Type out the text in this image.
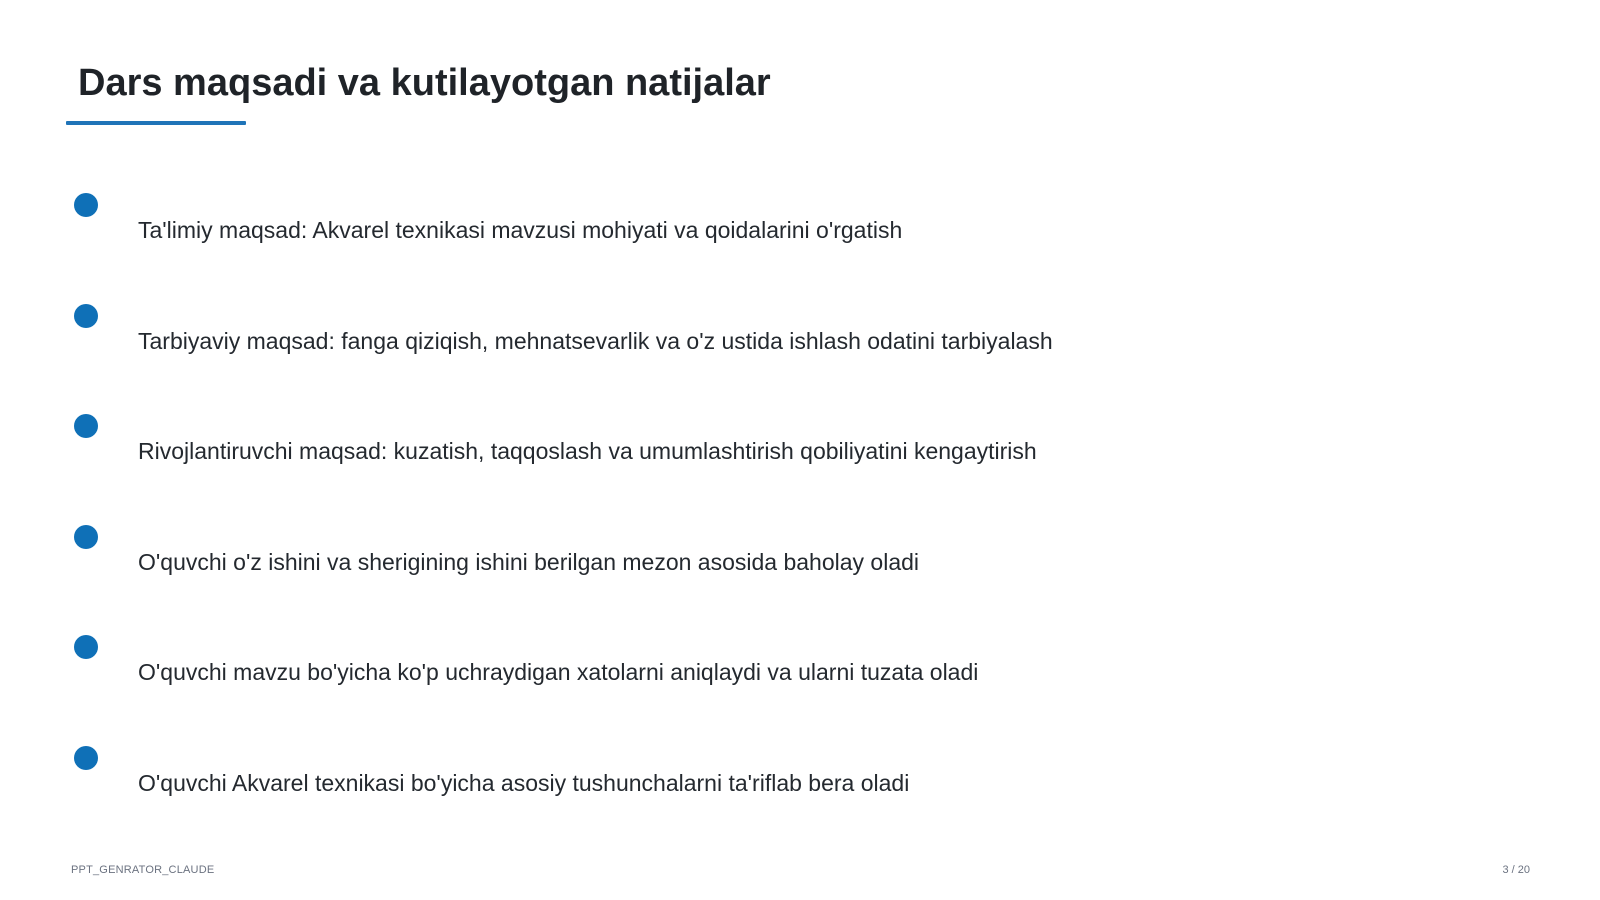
Dars maqsadi va kutilayotgan natijalar
Ta'limiy maqsad: Akvarel texnikasi mavzusi mohiyati va qoidalarini o'rgatish
Tarbiyaviy maqsad: fanga qiziqish, mehnatsevarlik va o'z ustida ishlash odatini tarbiyalash
Rivojlantiruvchi maqsad: kuzatish, taqqoslash va umumlashtirish qobiliyatini kengaytirish
O'quvchi o'z ishini va sherigining ishini berilgan mezon asosida baholay oladi
O'quvchi mavzu bo'yicha ko'p uchraydigan xatolarni aniqlaydi va ularni tuzata oladi
O'quvchi Akvarel texnikasi bo'yicha asosiy tushunchalarni ta'riflab bera oladi
PPT_GENRATOR_CLAUDE	3 / 20
